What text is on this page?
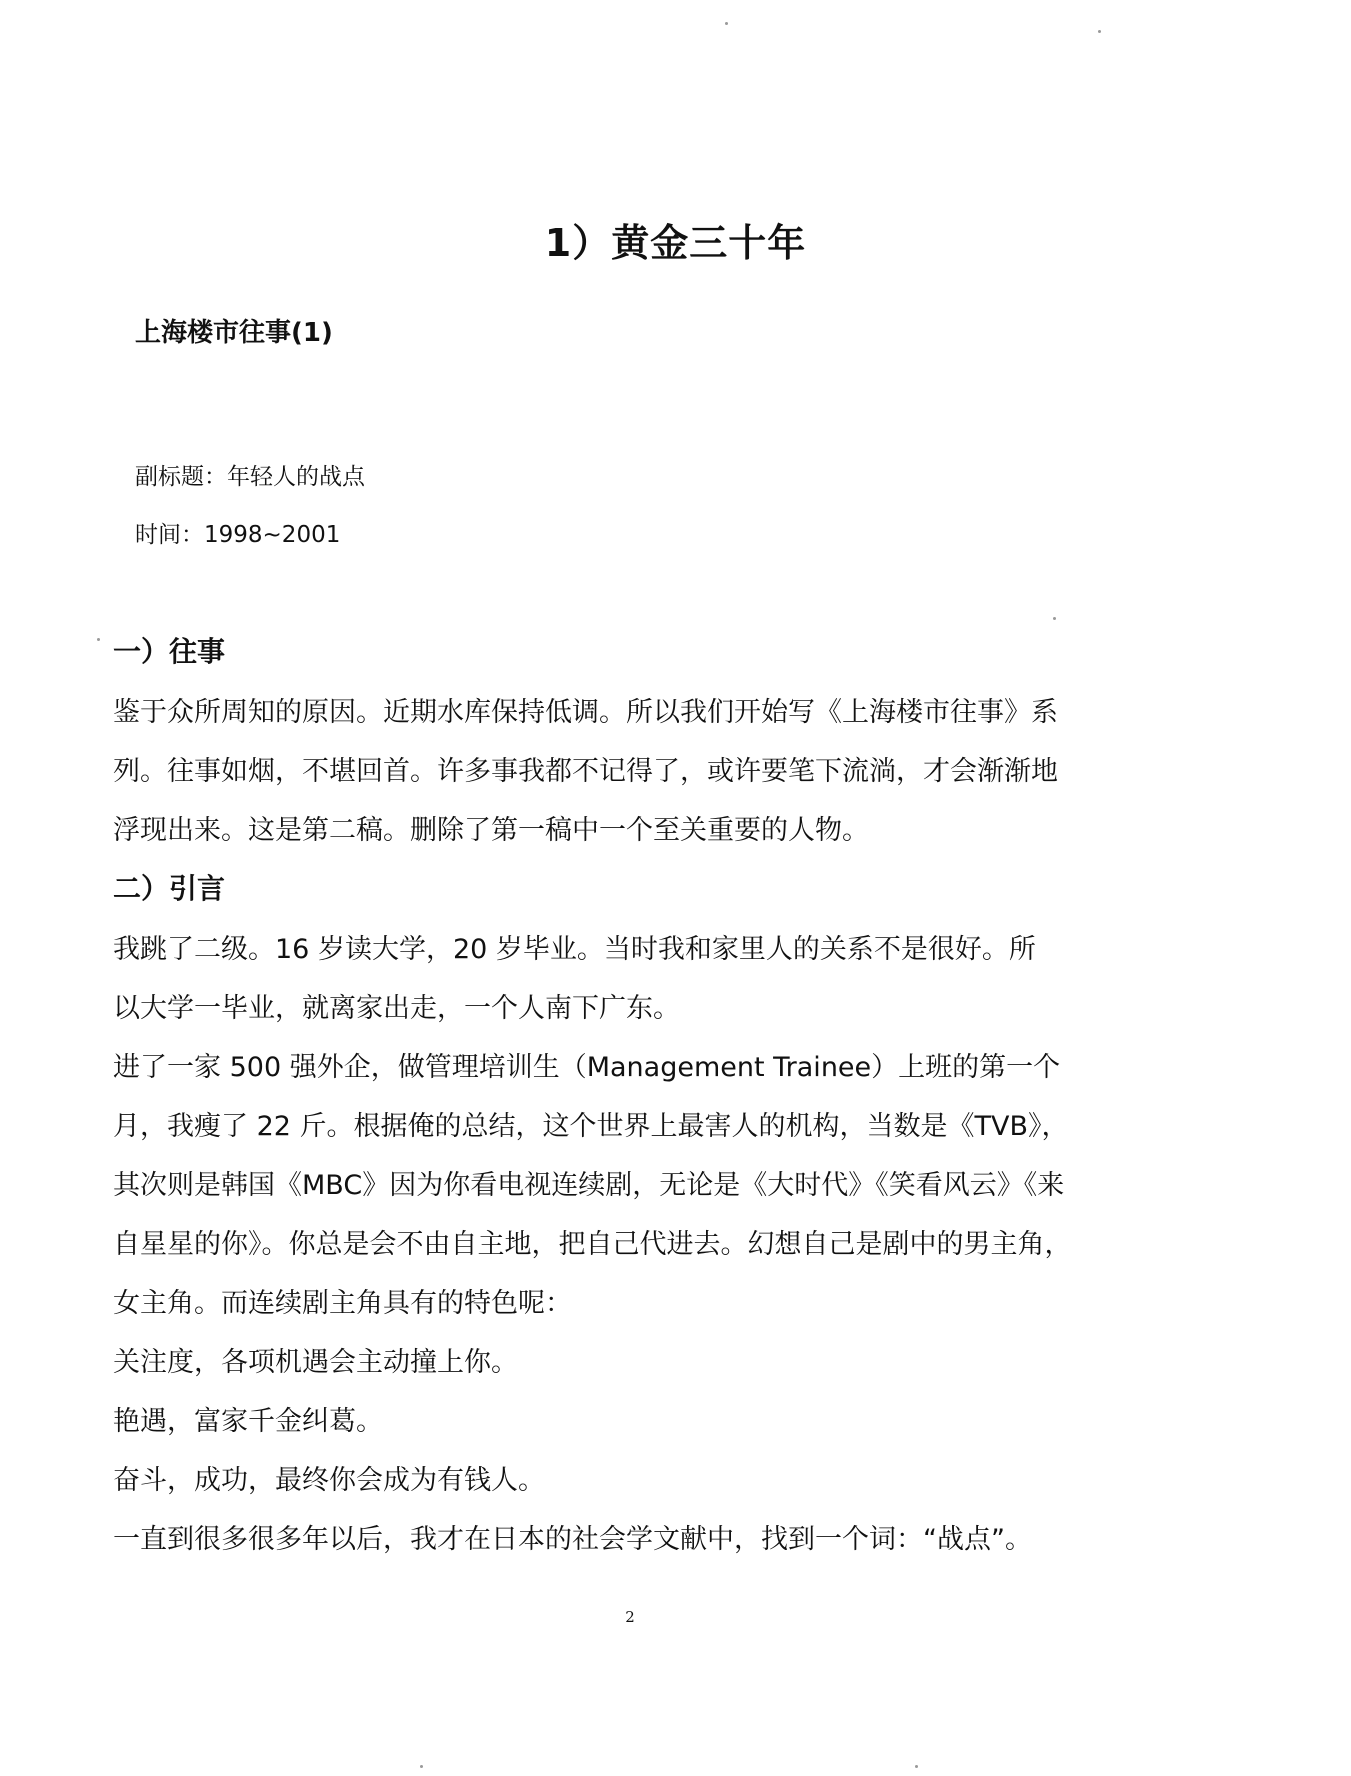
1）黄金三十年
上海楼市往事(1)
副标题：年轻人的战点
时间：1998~2001
一）往事
鉴于众所周知的原因。近期水库保持低调。所以我们开始写《上海楼市往事》系
列。往事如烟，不堪回首。许多事我都不记得了，或许要笔下流淌，才会渐渐地
浮现出来。这是第二稿。删除了第一稿中一个至关重要的人物。
二）引言
我跳了二级。16 岁读大学，20 岁毕业。当时我和家里人的关系不是很好。所
以大学一毕业，就离家出走，一个人南下广东。
进了一家 500 强外企，做管理培训生（Management Trainee）上班的第一个
月，我瘦了 22 斤。根据俺的总结，这个世界上最害人的机构，当数是《TVB》，
其次则是韩国《MBC》因为你看电视连续剧，无论是《大时代》《笑看风云》《来
自星星的你》。你总是会不由自主地，把自己代进去。幻想自己是剧中的男主角，
女主角。而连续剧主角具有的特色呢：
关注度，各项机遇会主动撞上你。
艳遇，富家千金纠葛。
奋斗，成功，最终你会成为有钱人。
一直到很多很多年以后，我才在日本的社会学文献中，找到一个词：“战点”。
2
